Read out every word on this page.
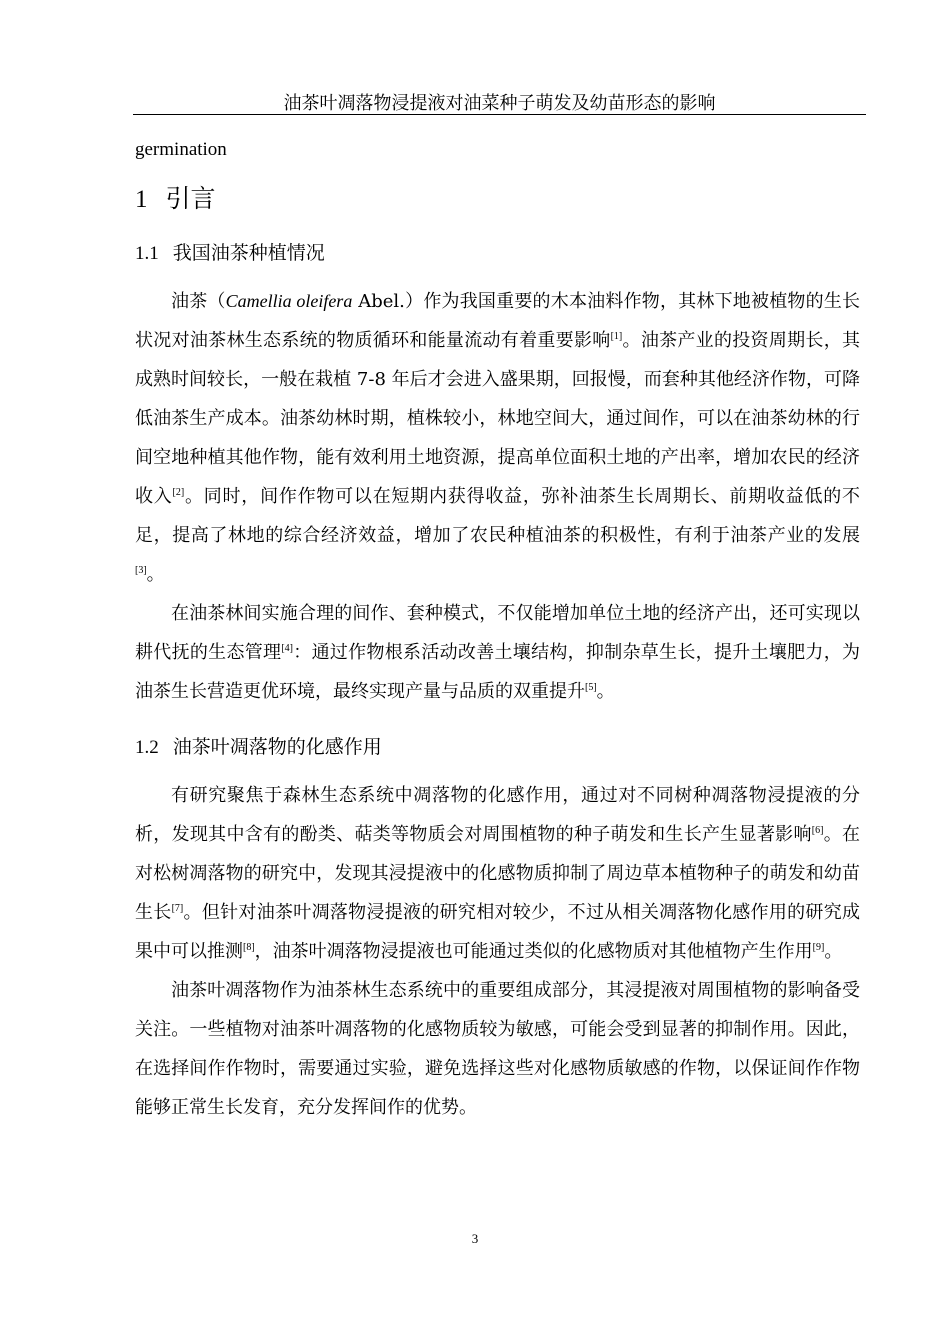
油茶叶凋落物浸提液对油菜种子萌发及幼苗形态的影响
germination
1 引言
1.1 我国油茶种植情况

油茶（Camellia oleifera Abel.）作为我国重要的木本油料作物，其林下地被植物的生长状况对油茶林生态系统的物质循环和能量流动有着重要影响[1]。油茶产业的投资周期长，其成熟时间较长，一般在栽植 7-8 年后才会进入盛果期，回报慢，而套种其他经济作物，可降低油茶生产成本。油茶幼林时期，植株较小，林地空间大，通过间作，可以在油茶幼林的行间空地种植其他作物，能有效利用土地资源，提高单位面积土地的产出率，增加农民的经济收入[2]。同时，间作作物可以在短期内获得收益，弥补油茶生长周期长、前期收益低的不足，提高了林地的综合经济效益，增加了农民种植油茶的积极性，有利于油茶产业的发展[3]。

在油茶林间实施合理的间作、套种模式，不仅能增加单位土地的经济产出，还可实现以耕代抚的生态管理[4]：通过作物根系活动改善土壤结构，抑制杂草生长，提升土壤肥力，为油茶生长营造更优环境，最终实现产量与品质的双重提升[5]。

1.2 油茶叶凋落物的化感作用

有研究聚焦于森林生态系统中凋落物的化感作用，通过对不同树种凋落物浸提液的分析，发现其中含有的酚类、萜类等物质会对周围植物的种子萌发和生长产生显著影响[6]。在对松树凋落物的研究中，发现其浸提液中的化感物质抑制了周边草本植物种子的萌发和幼苗生长[7]。但针对油茶叶凋落物浸提液的研究相对较少，不过从相关凋落物化感作用的研究成果中可以推测[8]，油茶叶凋落物浸提液也可能通过类似的化感物质对其他植物产生作用[9]。

油茶叶凋落物作为油茶林生态系统中的重要组成部分，其浸提液对周围植物的影响备受关注。一些植物对油茶叶凋落物的化感物质较为敏感，可能会受到显著的抑制作用。因此，在选择间作作物时，需要通过实验，避免选择这些对化感物质敏感的作物，以保证间作作物能够正常生长发育，充分发挥间作的优势。

3
